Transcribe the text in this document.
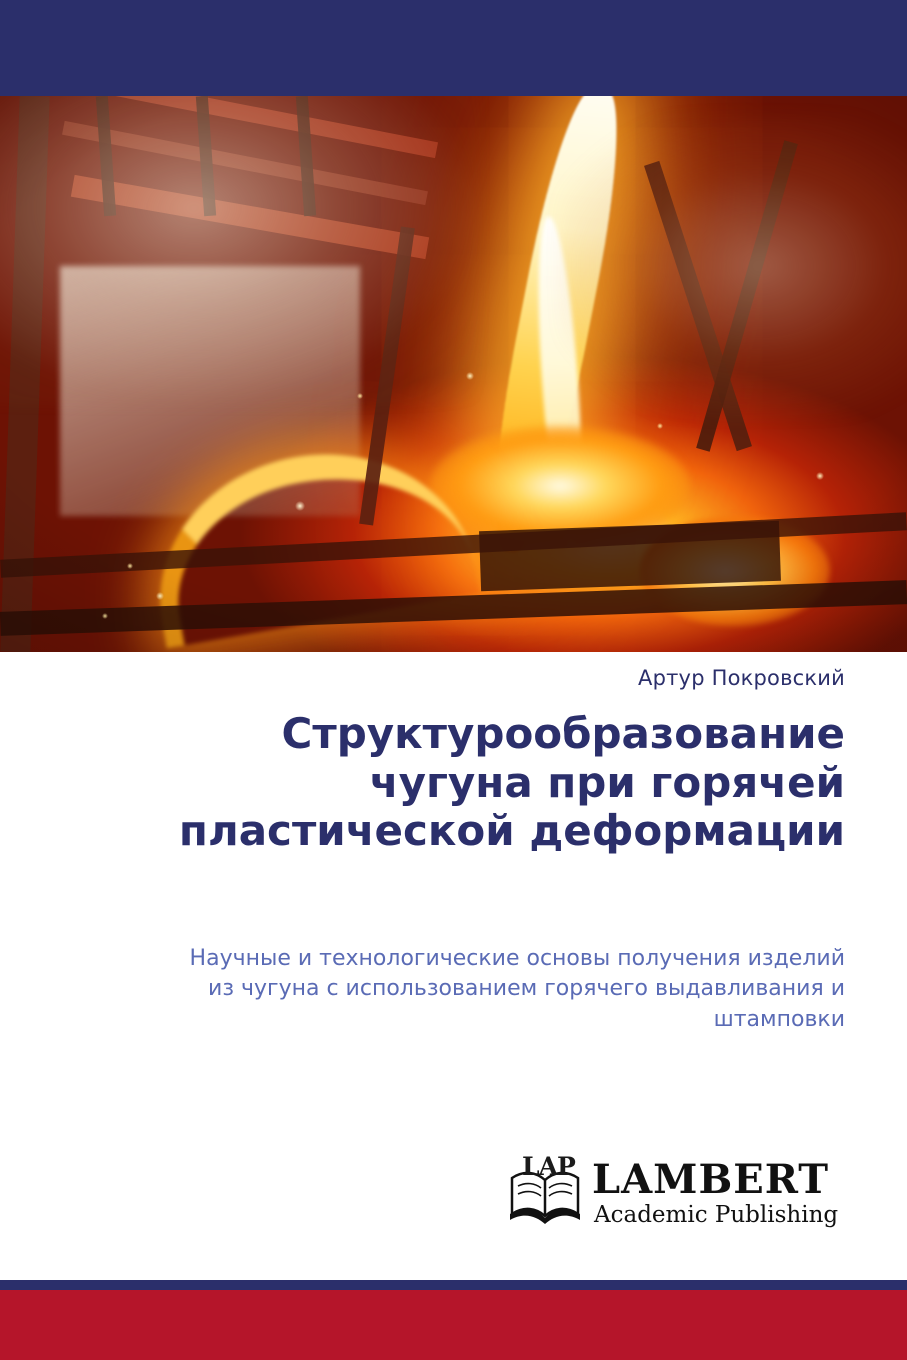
Артур Покровский
Структурообразование чугуна при горячей пластической деформации
Научные и технологические основы получения изделий из чугуна с использованием горячего выдавливания и штамповки
LAP LAMBERT
Academic Publishing
